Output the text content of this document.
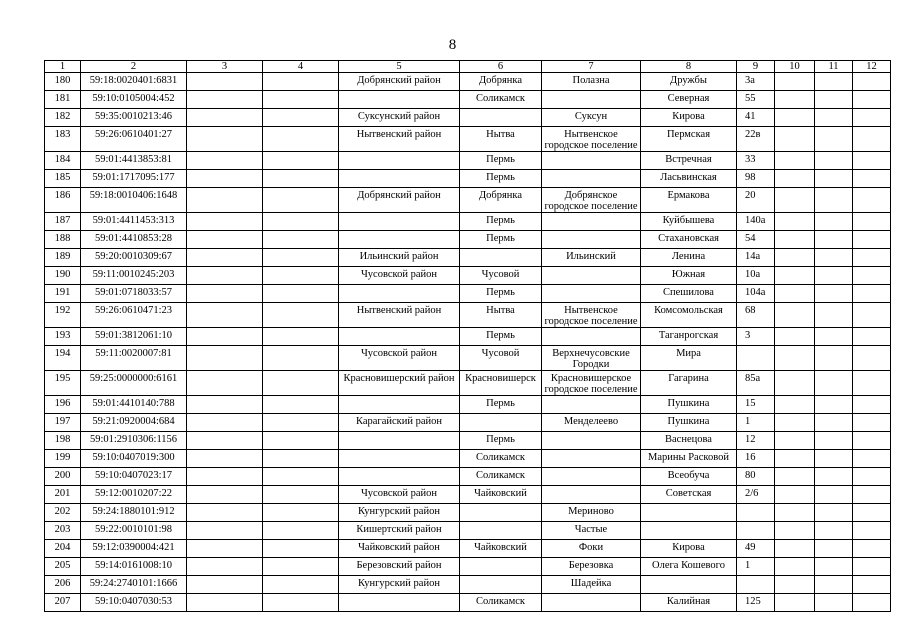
8
1	2	3	4	5	6	7	8	9	10	11	12
180	59:18:0020401:6831			Добрянский район	Добрянка	Полазна	Дружбы	3а			
181	59:10:0105004:452				Соликамск		Северная	55			
182	59:35:0010213:46			Суксунский район		Суксун	Кирова	41			
183	59:26:0610401:27			Нытвенский район	Нытва	Нытвенское городское поселение	Пермская	22в			
184	59:01:4413853:81				Пермь		Встречная	33			
185	59:01:1717095:177				Пермь		Ласьвинская	98			
186	59:18:0010406:1648			Добрянский район	Добрянка	Добрянское городское поселение	Ермакова	20			
187	59:01:4411453:313				Пермь		Куйбышева	140а			
188	59:01:4410853:28				Пермь		Стахановская	54			
189	59:20:0010309:67			Ильинский район		Ильинский	Ленина	14а			
190	59:11:0010245:203			Чусовской район	Чусовой		Южная	10а			
191	59:01:0718033:57				Пермь		Спешилова	104а			
192	59:26:0610471:23			Нытвенский район	Нытва	Нытвенское городское поселение	Комсомольская	68			
193	59:01:3812061:10				Пермь		Таганрогская	3			
194	59:11:0020007:81			Чусовской район	Чусовой	Верхнечусовские Городки	Мира				
195	59:25:0000000:6161			Красновишерский район	Красновишерск	Красновишерское городское поселение	Гагарина	85а			
196	59:01:4410140:788				Пермь		Пушкина	15			
197	59:21:0920004:684			Карагайский район		Менделеево	Пушкина	1			
198	59:01:2910306:1156				Пермь		Васнецова	12			
199	59:10:0407019:300				Соликамск		Марины Расковой	16			
200	59:10:0407023:17				Соликамск		Всеобуча	80			
201	59:12:0010207:22			Чусовской район	Чайковский		Советская	2/6			
202	59:24:1880101:912			Кунгурский район		Мериново					
203	59:22:0010101:98			Кишертский район		Частые					
204	59:12:0390004:421			Чайковский район	Чайковский	Фоки	Кирова	49			
205	59:14:0161008:10			Березовский район		Березовка	Олега Кошевого	1			
206	59:24:2740101:1666			Кунгурский район		Шадейка					
207	59:10:0407030:53				Соликамск		Калийная	125			
